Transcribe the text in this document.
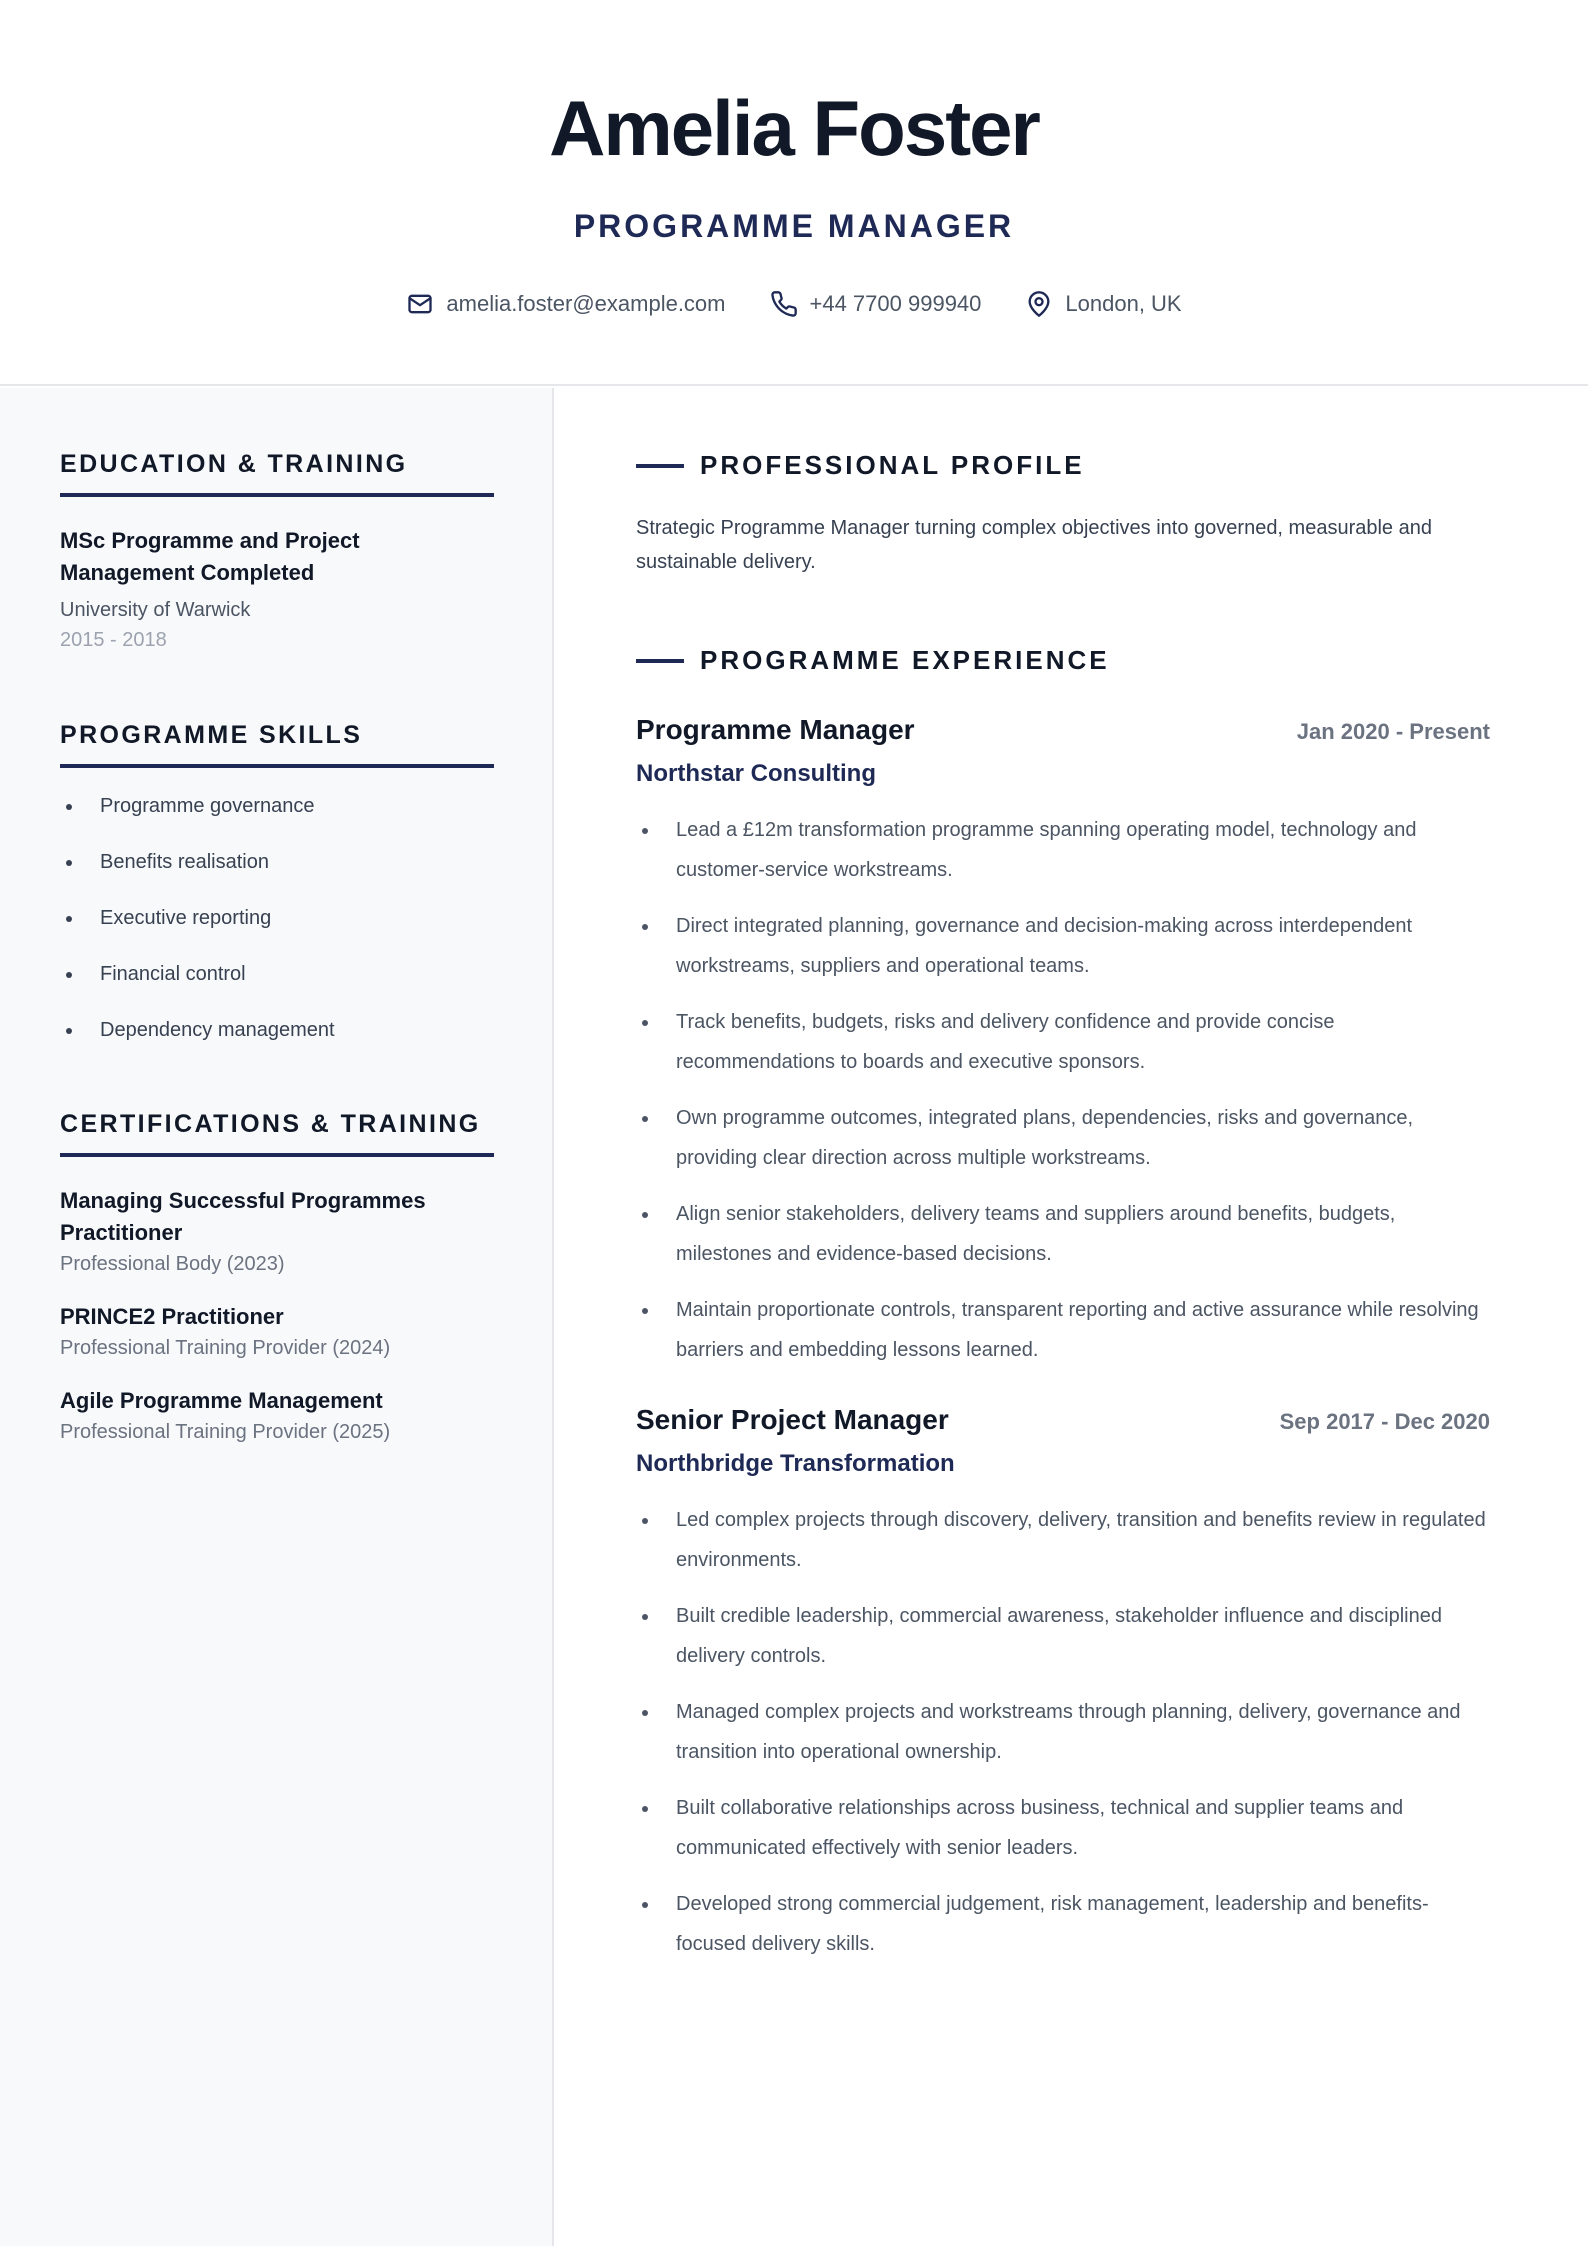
Amelia Foster
PROGRAMME MANAGER
amelia.foster@example.com	+44 7700 999940	London, UK
EDUCATION & TRAINING
MSc Programme and Project Management Completed
University of Warwick
2015 - 2018
PROGRAMME SKILLS
Programme governance
Benefits realisation
Executive reporting
Financial control
Dependency management
CERTIFICATIONS & TRAINING
Managing Successful Programmes Practitioner
Professional Body (2023)
PRINCE2 Practitioner
Professional Training Provider (2024)
Agile Programme Management
Professional Training Provider (2025)
PROFESSIONAL PROFILE

Strategic Programme Manager turning complex objectives into governed, measurable and sustainable delivery.

PROGRAMME EXPERIENCE
Programme Manager	Jan 2020 - Present
Northstar Consulting
Lead a £12m transformation programme spanning operating model, technology and customer-service workstreams.
Direct integrated planning, governance and decision-making across interdependent workstreams, suppliers and operational teams.
Track benefits, budgets, risks and delivery confidence and provide concise recommendations to boards and executive sponsors.
Own programme outcomes, integrated plans, dependencies, risks and governance, providing clear direction across multiple workstreams.
Align senior stakeholders, delivery teams and suppliers around benefits, budgets, milestones and evidence-based decisions.
Maintain proportionate controls, transparent reporting and active assurance while resolving barriers and embedding lessons learned.
Senior Project Manager	Sep 2017 - Dec 2020
Northbridge Transformation
Led complex projects through discovery, delivery, transition and benefits review in regulated environments.
Built credible leadership, commercial awareness, stakeholder influence and disciplined delivery controls.
Managed complex projects and workstreams through planning, delivery, governance and transition into operational ownership.
Built collaborative relationships across business, technical and supplier teams and communicated effectively with senior leaders.
Developed strong commercial judgement, risk management, leadership and benefits-focused delivery skills.
